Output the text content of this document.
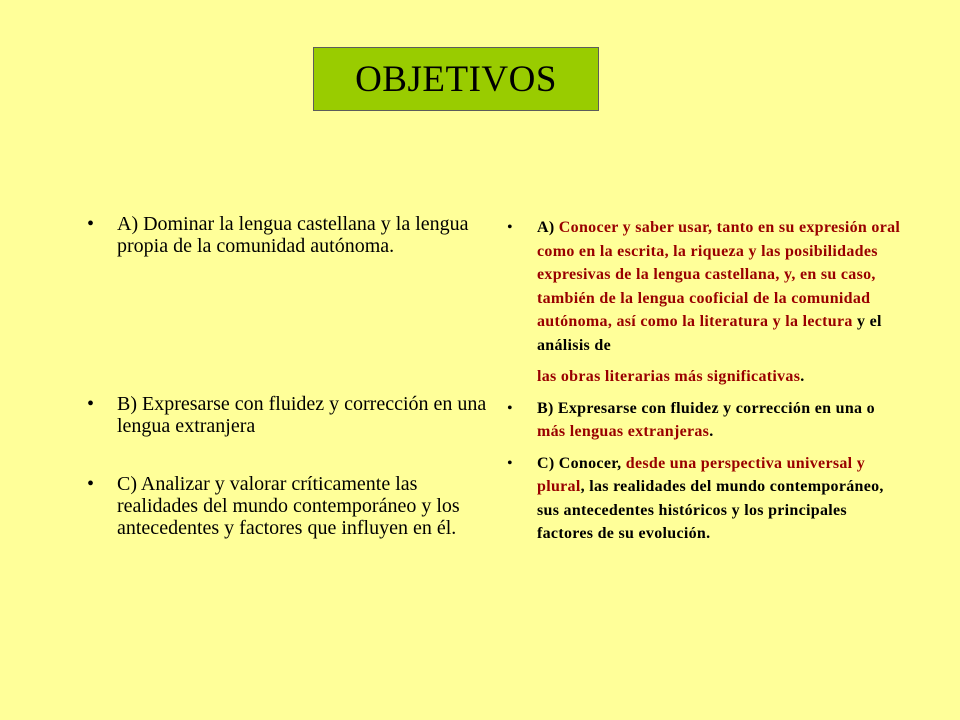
OBJETIVOS
• A) Dominar la lengua castellana y la lengua propia de la comunidad autónoma.
• B) Expresarse con fluidez y corrección en una lengua extranjera
• C) Analizar y valorar críticamente las realidades del mundo contemporáneo y los antecedentes y factores que influyen en él.
• A) Conocer y saber usar, tanto en su expresión oral como en la escrita, la riqueza y las posibilidades expresivas de la lengua castellana, y, en su caso, también de la lengua cooficial de la comunidad autónoma, así como la literatura y la lectura y el análisis de
las obras literarias más significativas.
• B) Expresarse con fluidez y corrección en una o más lenguas extranjeras.
• C) Conocer, desde una perspectiva universal y plural, las realidades del mundo contemporáneo, sus antecedentes históricos y los principales factores de su evolución.
